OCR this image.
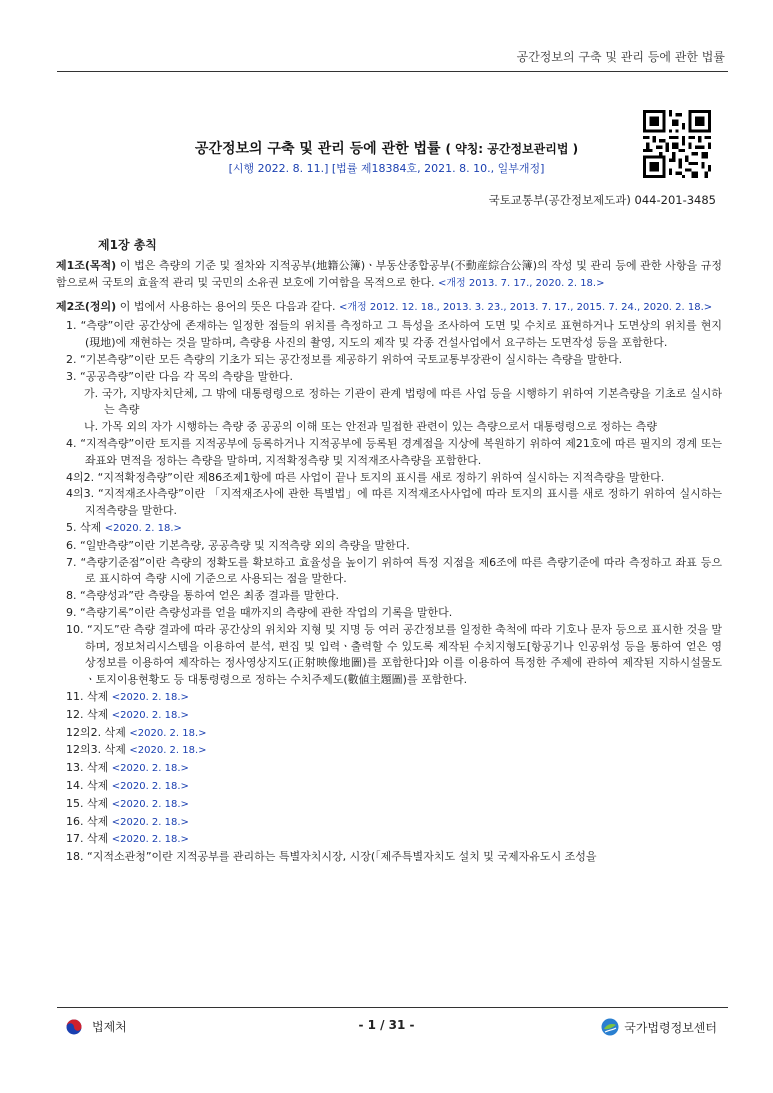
공간정보의 구축 및 관리 등에 관한 법률
공간정보의 구축 및 관리 등에 관한 법률 ( 약칭: 공간정보관리법 )
[시행 2022. 8. 11.] [법률 제18384호, 2021. 8. 10., 일부개정]
국토교통부(공간정보제도과) 044-201-3485
제1장 총칙

제1조(목적) 이 법은 측량의 기준 및 절차와 지적공부(地籍公簿)ㆍ부동산종합공부(不動産綜合公簿)의 작성 및 관리 등에 관한 사항을 규정함으로써 국토의 효율적 관리 및 국민의 소유권 보호에 기여함을 목적으로 한다. <개정 2013. 7. 17., 2020. 2. 18.>

제2조(정의) 이 법에서 사용하는 용어의 뜻은 다음과 같다. <개정 2012. 12. 18., 2013. 3. 23., 2013. 7. 17., 2015. 7. 24., 2020. 2. 18.>

1. “측량”이란 공간상에 존재하는 일정한 점들의 위치를 측정하고 그 특성을 조사하여 도면 및 수치로 표현하거나 도면상의 위치를 현지(現地)에 재현하는 것을 말하며, 측량용 사진의 촬영, 지도의 제작 및 각종 건설사업에서 요구하는 도면작성 등을 포함한다.
2. “기본측량”이란 모든 측량의 기초가 되는 공간정보를 제공하기 위하여 국토교통부장관이 실시하는 측량을 말한다.
3. “공공측량”이란 다음 각 목의 측량을 말한다.
가. 국가, 지방자치단체, 그 밖에 대통령령으로 정하는 기관이 관계 법령에 따른 사업 등을 시행하기 위하여 기본측량을 기초로 실시하는 측량
나. 가목 외의 자가 시행하는 측량 중 공공의 이해 또는 안전과 밀접한 관련이 있는 측량으로서 대통령령으로 정하는 측량
4. “지적측량”이란 토지를 지적공부에 등록하거나 지적공부에 등록된 경계점을 지상에 복원하기 위하여 제21호에 따른 필지의 경계 또는 좌표와 면적을 정하는 측량을 말하며, 지적확정측량 및 지적재조사측량을 포함한다.
4의2. “지적확정측량”이란 제86조제1항에 따른 사업이 끝나 토지의 표시를 새로 정하기 위하여 실시하는 지적측량을 말한다.
4의3. “지적재조사측량”이란 「지적재조사에 관한 특별법」에 따른 지적재조사사업에 따라 토지의 표시를 새로 정하기 위하여 실시하는 지적측량을 말한다.
5. 삭제 <2020. 2. 18.>
6. “일반측량”이란 기본측량, 공공측량 및 지적측량 외의 측량을 말한다.
7. “측량기준점”이란 측량의 정확도를 확보하고 효율성을 높이기 위하여 특정 지점을 제6조에 따른 측량기준에 따라 측정하고 좌표 등으로 표시하여 측량 시에 기준으로 사용되는 점을 말한다.
8. “측량성과”란 측량을 통하여 얻은 최종 결과를 말한다.
9. “측량기록”이란 측량성과를 얻을 때까지의 측량에 관한 작업의 기록을 말한다.
10. “지도”란 측량 결과에 따라 공간상의 위치와 지형 및 지명 등 여러 공간정보를 일정한 축척에 따라 기호나 문자 등으로 표시한 것을 말하며, 정보처리시스템을 이용하여 분석, 편집 및 입력ㆍ출력할 수 있도록 제작된 수치지형도[항공기나 인공위성 등을 통하여 얻은 영상정보를 이용하여 제작하는 정사영상지도(正射映像地圖)를 포함한다]와 이를 이용하여 특정한 주제에 관하여 제작된 지하시설물도ㆍ토지이용현황도 등 대통령령으로 정하는 수치주제도(數値主題圖)를 포함한다.
11. 삭제 <2020. 2. 18.>
12. 삭제 <2020. 2. 18.>
12의2. 삭제 <2020. 2. 18.>
12의3. 삭제 <2020. 2. 18.>
13. 삭제 <2020. 2. 18.>
14. 삭제 <2020. 2. 18.>
15. 삭제 <2020. 2. 18.>
16. 삭제 <2020. 2. 18.>
17. 삭제 <2020. 2. 18.>
18. “지적소관청”이란 지적공부를 관리하는 특별자치시장, 시장(「제주특별자치도 설치 및 국제자유도시 조성을
법제처	- 1 / 31 -	국가법령정보센터
